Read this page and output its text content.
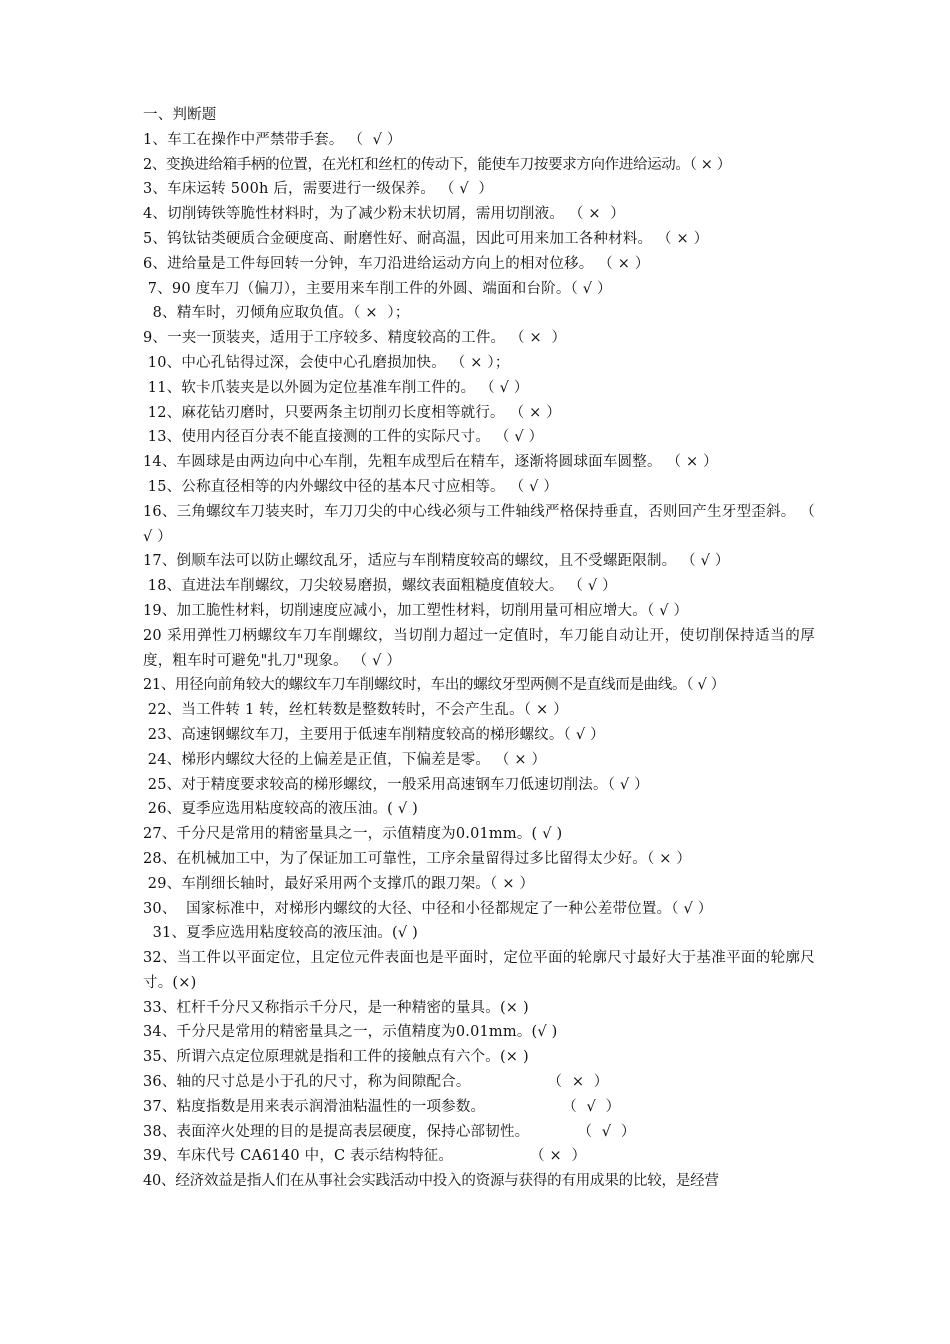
一、判断题
1、车工在操作中严禁带手套。 （  √ ）
2、变换进给箱手柄的位置，在光杠和丝杠的传动下，能使车刀按要求方向作进给运动。（ × ）
3、车床运转 500h 后，需要进行一级保养。 （ √  ）
4、切削铸铁等脆性材料时，为了减少粉末状切屑，需用切削液。 （ ×  ）
5、钨钛钴类硬质合金硬度高、耐磨性好、耐高温，因此可用来加工各种材料。 （ × ）
6、进给量是工件每回转一分钟，车刀沿进给运动方向上的相对位移。 （ × ）
7、90 度车刀（偏刀），主要用来车削工件的外圆、端面和台阶。（ √ ）
8、精车时，刃倾角应取负值。（ ×  ）；
9、一夹一顶装夹，适用于工序较多、精度较高的工件。 （ ×  ）
10、中心孔钻得过深，会使中心孔磨损加快。 （ × ）；
11、软卡爪装夹是以外圆为定位基准车削工件的。 （ √ ）
12、麻花钻刃磨时，只要两条主切削刃长度相等就行。 （ × ）
13、使用内径百分表不能直接测的工件的实际尺寸。 （ √ ）
14、车圆球是由两边向中心车削，先粗车成型后在精车，逐渐将圆球面车圆整。 （ × ）
15、公称直径相等的内外螺纹中径的基本尺寸应相等。 （ √ ）
16、三角螺纹车刀装夹时，车刀刀尖的中心线必须与工件轴线严格保持垂直，否则回产生牙型歪斜。 （ √ ）
17、倒顺车法可以防止螺纹乱牙，适应与车削精度较高的螺纹，且不受螺距限制。 （ √ ）
18、直进法车削螺纹，刀尖较易磨损，螺纹表面粗糙度值较大。 （ √ ）
19、加工脆性材料，切削速度应减小，加工塑性材料，切削用量可相应增大。（ √ ）
20 采用弹性刀柄螺纹车刀车削螺纹，当切削力超过一定值时，车刀能自动让开，使切削保持适当的厚度，粗车时可避免"扎刀"现象。 （ √ ）
21、用径向前角较大的螺纹车刀车削螺纹时，车出的螺纹牙型两侧不是直线而是曲线。（ √ ）
22、当工件转 1 转，丝杠转数是整数转时，不会产生乱。（ × ）
23、高速钢螺纹车刀，主要用于低速车削精度较高的梯形螺纹。（ √ ）
24、梯形内螺纹大径的上偏差是正值，下偏差是零。 （ × ）
25、对于精度要求较高的梯形螺纹，一般采用高速钢车刀低速切削法。（ √ ）
26、夏季应选用粘度较高的液压油。( √ )
27、千分尺是常用的精密量具之一，示值精度为0.01mm。( √ )
28、在机械加工中，为了保证加工可靠性，工序余量留得过多比留得太少好。（ × ）
29、车削细长轴时，最好采用两个支撑爪的跟刀架。（ × ）
30、  国家标准中，对梯形内螺纹的大径、中径和小径都规定了一种公差带位置。（ √ ）
31、夏季应选用粘度较高的液压油。(√ )
32、当工件以平面定位，且定位元件表面也是平面时，定位平面的轮廓尺寸最好大于基准平面的轮廓尺寸。(×)
33、杠杆千分尺又称指示千分尺，是一种精密的量具。(× )
34、千分尺是常用的精密量具之一，示值精度为0.01mm。(√ )
35、所谓六点定位原理就是指和工件的接触点有六个。(× )
36、轴的尺寸总是小于孔的尺寸，称为间隙配合。                （  ×  ）
37、粘度指数是用来表示润滑油粘温性的一项参数。                （  √  ）
38、表面淬火处理的目的是提高表层硬度，保持心部韧性。          （  √  ）
39、车床代号 CA6140 中，C 表示结构特征。                （ ×  ）
40、经济效益是指人们在从事社会实践活动中投入的资源与获得的有用成果的比较，是经营
